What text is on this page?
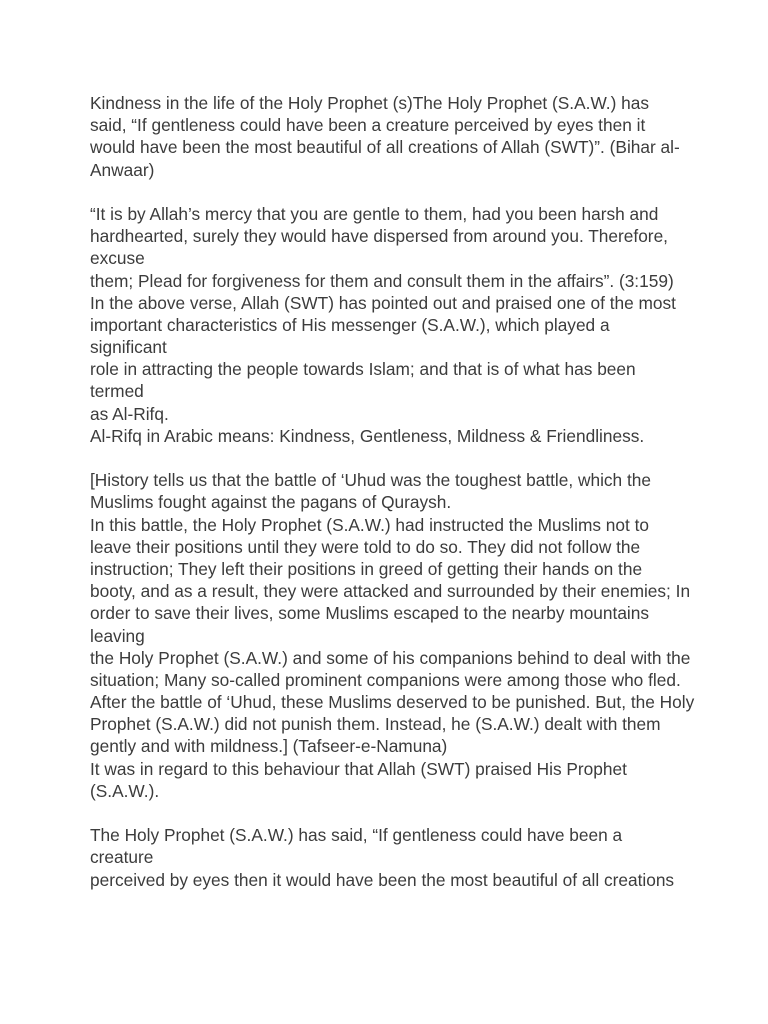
Kindness in the life of the Holy Prophet (s)The Holy Prophet (S.A.W.) has
said, “If gentleness could have been a creature perceived by eyes then it
would have been the most beautiful of all creations of Allah (SWT)”. (Bihar al-
Anwaar)
“It is by Allah’s mercy that you are gentle to them, had you been harsh and
hardhearted, surely they would have dispersed from around you. Therefore,
excuse
them; Plead for forgiveness for them and consult them in the affairs”. (3:159)
In the above verse, Allah (SWT) has pointed out and praised one of the most
important characteristics of His messenger (S.A.W.), which played a
significant
role in attracting the people towards Islam; and that is of what has been
termed
as Al-Rifq.
Al-Rifq in Arabic means: Kindness, Gentleness, Mildness & Friendliness.
[History tells us that the battle of ‘Uhud was the toughest battle, which the
Muslims fought against the pagans of Quraysh.
In this battle, the Holy Prophet (S.A.W.) had instructed the Muslims not to
leave their positions until they were told to do so. They did not follow the
instruction; They left their positions in greed of getting their hands on the
booty, and as a result, they were attacked and surrounded by their enemies; In
order to save their lives, some Muslims escaped to the nearby mountains
leaving
the Holy Prophet (S.A.W.) and some of his companions behind to deal with the
situation; Many so-called prominent companions were among those who fled.
After the battle of ‘Uhud, these Muslims deserved to be punished. But, the Holy
Prophet (S.A.W.) did not punish them. Instead, he (S.A.W.) dealt with them
gently and with mildness.] (Tafseer-e-Namuna)
It was in regard to this behaviour that Allah (SWT) praised His Prophet
(S.A.W.).
The Holy Prophet (S.A.W.) has said, “If gentleness could have been a
creature
perceived by eyes then it would have been the most beautiful of all creations
